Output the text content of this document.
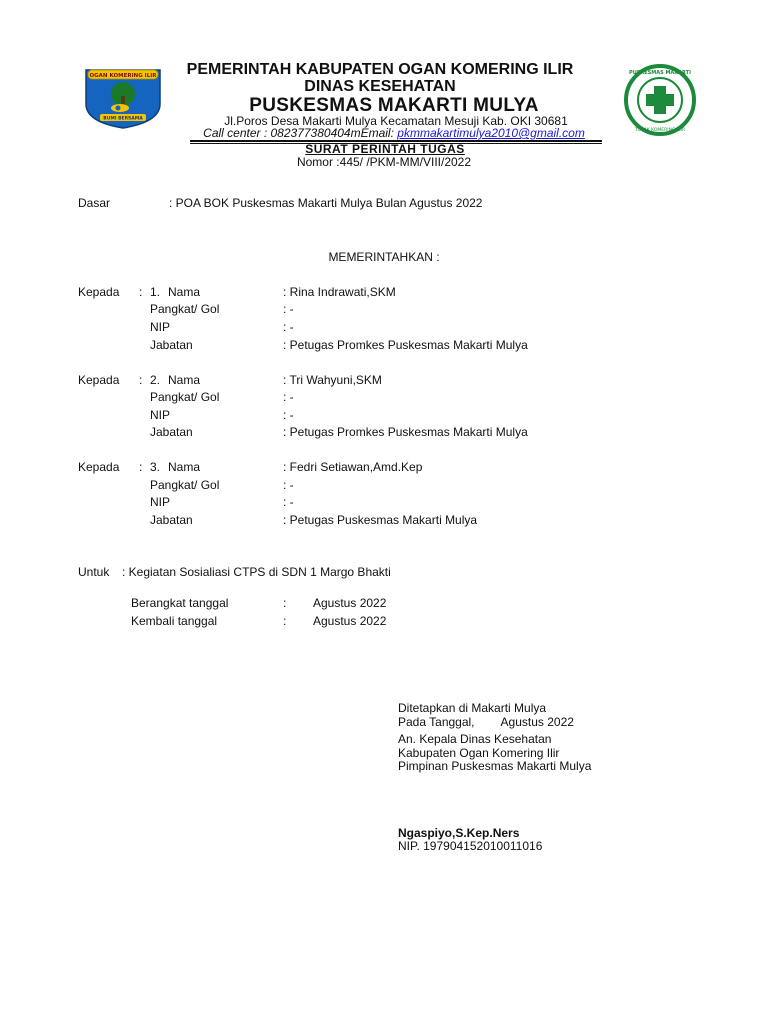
OGAN KOMERING ILIR
BUMI BERSAMA
PUSKESMAS MAKARTI
TOLAK KOMERING ILIR
PEMERINTAH KABUPATEN OGAN KOMERING ILIR
DINAS KESEHATAN
PUSKESMAS MAKARTI MULYA
Jl.Poros Desa Makarti Mulya Kecamatan Mesuji Kab. OKI 30681
Call center : 082377380404mEmail: pkmmakartimulya2010@gmail.com
SURAT PERINTAH TUGAS
Nomor :445/ /PKM-MM/VIII/2022
Dasar	: POA BOK Puskesmas Makarti Mulya Bulan Agustus 2022
MEMERINTAHKAN :
Kepada : 1. Nama	: Rina Indrawati,SKM
Pangkat/ Gol	: -
NIP	: -
Jabatan	: Petugas Promkes Puskesmas Makarti Mulya
Kepada : 2. Nama	: Tri Wahyuni,SKM
Pangkat/ Gol	: -
NIP	: -
Jabatan	: Petugas Promkes Puskesmas Makarti Mulya
Kepada : 3. Nama	: Fedri Setiawan,Amd.Kep
Pangkat/ Gol	: -
NIP	: -
Jabatan	: Petugas Puskesmas Makarti Mulya
Untuk : Kegiatan Sosialiasi CTPS di SDN 1 Margo Bhakti
Berangkat tanggal	: Agustus 2022
Kembali tanggal	: Agustus 2022
Ditetapkan di Makarti Mulya
Pada Tanggal,        Agustus 2022
An. Kepala Dinas Kesehatan
Kabupaten Ogan Komering Ilir
Pimpinan Puskesmas Makarti Mulya
Ngaspiyo,S.Kep.Ners
NIP. 197904152010011016
